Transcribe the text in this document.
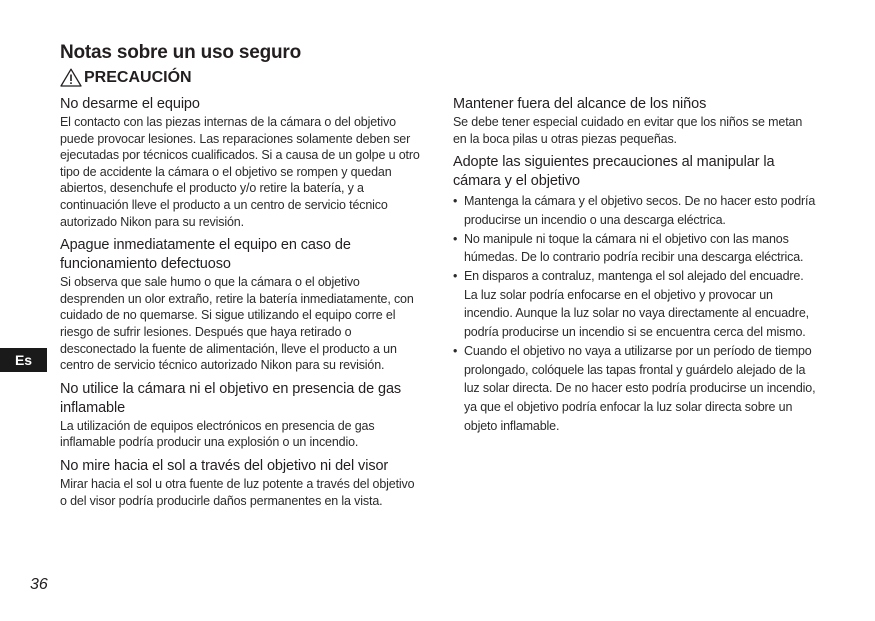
Notas sobre un uso seguro
PRECAUCIÓN
No desarme el equipo

El contacto con las piezas internas de la cámara o del objetivo puede provocar lesiones. Las reparaciones solamente deben ser ejecutadas por técnicos cualificados. Si a causa de un golpe u otro tipo de accidente la cámara o el objetivo se rompen y quedan abiertos, desenchufe el producto y/o retire la batería, y a continuación lleve el producto a un centro de servicio técnico autorizado Nikon para su revisión.

Apague inmediatamente el equipo en caso de funcionamiento defectuoso

Si observa que sale humo o que la cámara o el objetivo desprenden un olor extraño, retire la batería inmediatamente, con cuidado de no quemarse. Si sigue utilizando el equipo corre el riesgo de sufrir lesiones. Después que haya retirado o desconectado la fuente de alimentación, lleve el producto a un centro de servicio técnico autorizado Nikon para su revisión.

No utilice la cámara ni el objetivo en presencia de gas inflamable

La utilización de equipos electrónicos en presencia de gas inflamable podría producir una explosión o un incendio.

No mire hacia el sol a través del objetivo ni del visor

Mirar hacia el sol u otra fuente de luz potente a través del objetivo o del visor podría producirle daños permanentes en la vista.

Mantener fuera del alcance de los niños

Se debe tener especial cuidado en evitar que los niños se metan en la boca pilas u otras piezas pequeñas.

Adopte las siguientes precauciones al manipular la cámara y el objetivo
• Mantenga la cámara y el objetivo secos. De no hacer esto podría producirse un incendio o una descarga eléctrica.
• No manipule ni toque la cámara ni el objetivo con las manos húmedas. De lo contrario podría recibir una descarga eléctrica.
• En disparos a contraluz, mantenga el sol alejado del encuadre. La luz solar podría enfocarse en el objetivo y provocar un incendio. Aunque la luz solar no vaya directamente al encuadre, podría producirse un incendio si se encuentra cerca del mismo.
• Cuando el objetivo no vaya a utilizarse por un período de tiempo prolongado, colóquele las tapas frontal y guárdelo alejado de la luz solar directa. De no hacer esto podría producirse un incendio, ya que el objetivo podría enfocar la luz solar directa sobre un objeto inflamable.
Es
36
